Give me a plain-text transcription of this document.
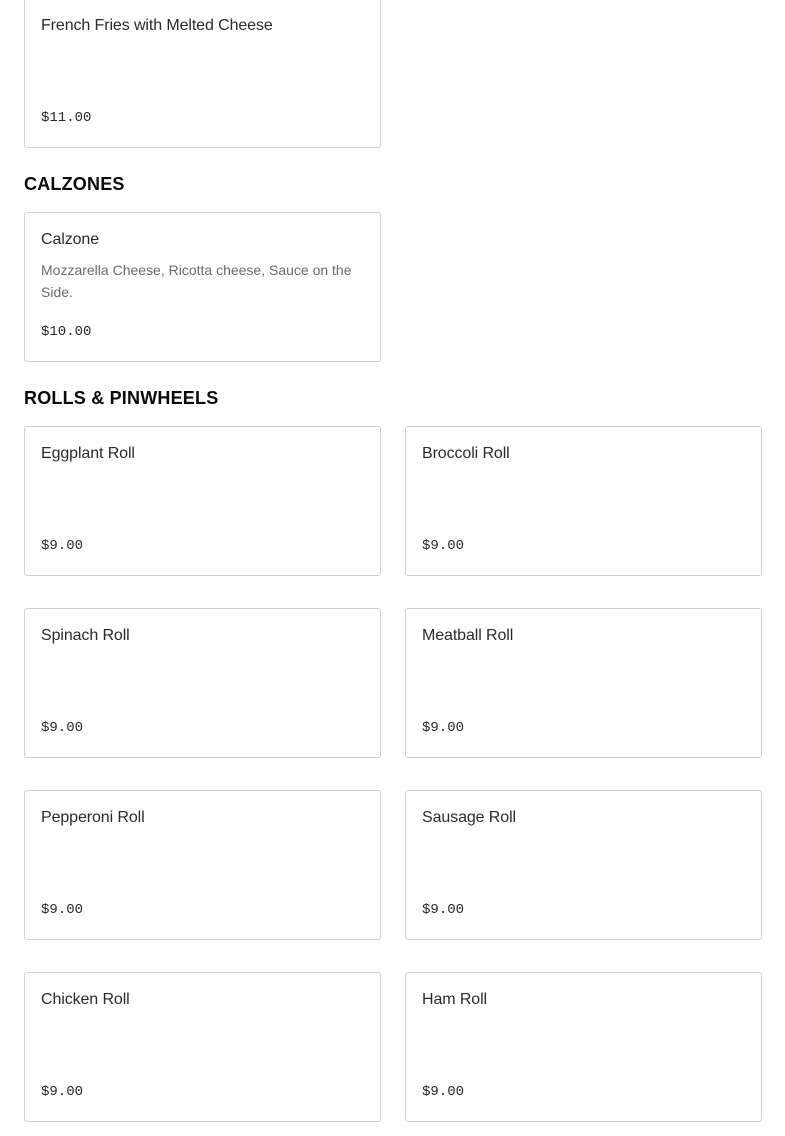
French Fries with Melted Cheese
$11.00
CALZONES
Calzone
Mozzarella Cheese, Ricotta cheese, Sauce on the Side.
$10.00
ROLLS & PINWHEELS
Eggplant Roll
$9.00
Broccoli Roll
$9.00
Spinach Roll
$9.00
Meatball Roll
$9.00
Pepperoni Roll
$9.00
Sausage Roll
$9.00
Chicken Roll
$9.00
Ham Roll
$9.00
